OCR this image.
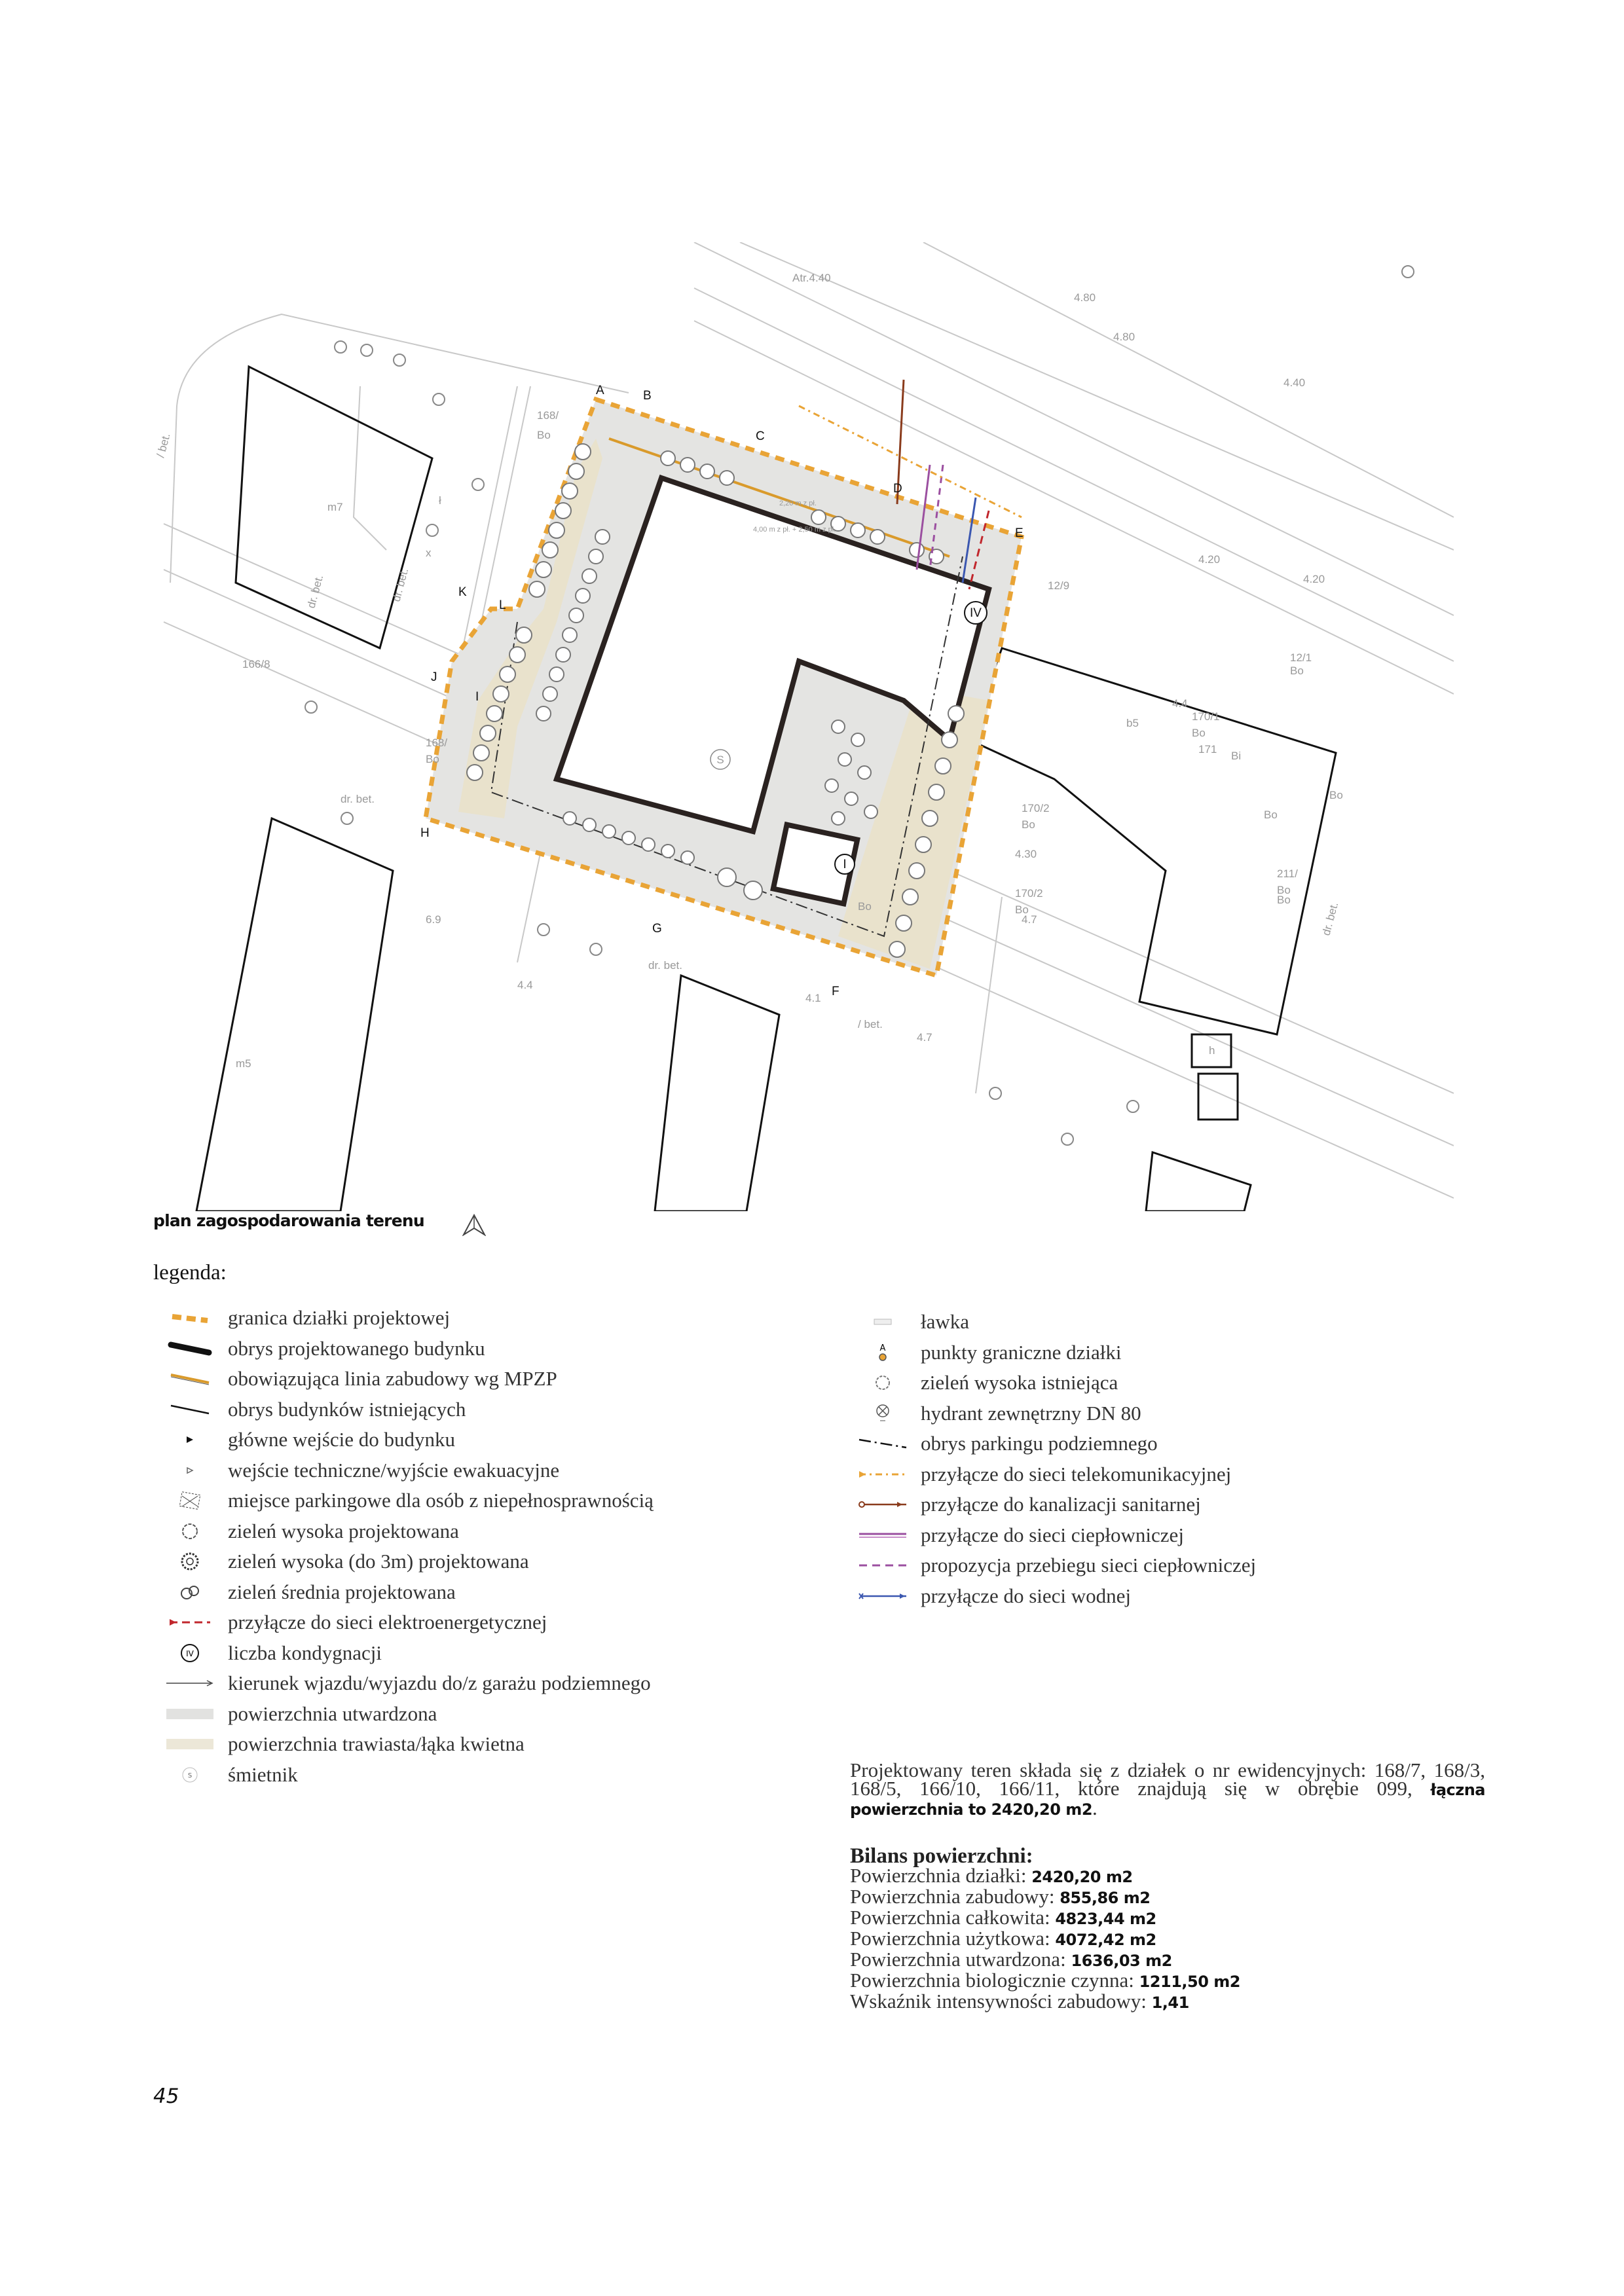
IV
I
S
A	B
C
D
E
F
G
H
I
J
K
L
m7
m5
b5
ł
x
h
168/
166/8
168/
170/1
170/2
170/2
12/1
211/
171
12/9
Bo
Bo
Bi
Bo
Bo
Bo
Bo
Bo
Bo
Bo
dr. bet.	dr. bet.
dr. bet.
dr. bet.
dr. bet.
/ bet.
/ bet.
Atr.4.40
4.80
4.40
4.20
4.20
4.30
4.7
4.7
4.4
4.1
4.80
4.4
6.9
Bo
Bo
2,20 m z pł.
4,00 m z pł. + 2,50 m z pł.
plan zagospodarowania terenu
legenda:
granica działki projektowej
obrys projektowanego budynku
obowiązująca linia zabudowy wg MPZP
obrys budynków istniejących
główne wejście do budynku
wejście techniczne/wyjście ewakuacyjne
miejsce parkingowe dla osób z niepełnosprawnością
zieleń wysoka projektowana
zieleń wysoka (do 3m) projektowana
zieleń średnia projektowana
przyłącze do sieci elektroenergetycznej
IV liczba kondygnacji
kierunek wjazdu/wyjazdu do/z garażu podziemnego
powierzchnia utwardzona
powierzchnia trawiasta/łąka kwietna
S śmietnik
ławka
A punkty graniczne działki
zieleń wysoka istniejąca
hydrant zewnętrzny DN 80
obrys parkingu podziemnego
przyłącze do sieci telekomunikacyjnej
przyłącze do kanalizacji sanitarnej
przyłącze do sieci ciepłowniczej
propozycja przebiegu sieci ciepłowniczej
przyłącze do sieci wodnej

Projektowany teren składa się z działek o nr ewidencyjnych: 168/7, 168/3, 168/5, 166/10, 166/11, które znajdują się w obrębie 099, łączna powierzchnia to 2420,20 m2.

Bilans powierzchni:
Powierzchnia działki: 2420,20 m2
Powierzchnia zabudowy: 855,86 m2
Powierzchnia całkowita: 4823,44 m2
Powierzchnia użytkowa: 4072,42 m2
Powierzchnia utwardzona: 1636,03 m2
Powierzchnia biologicznie czynna: 1211,50 m2
Wskaźnik intensywności zabudowy: 1,41
45
